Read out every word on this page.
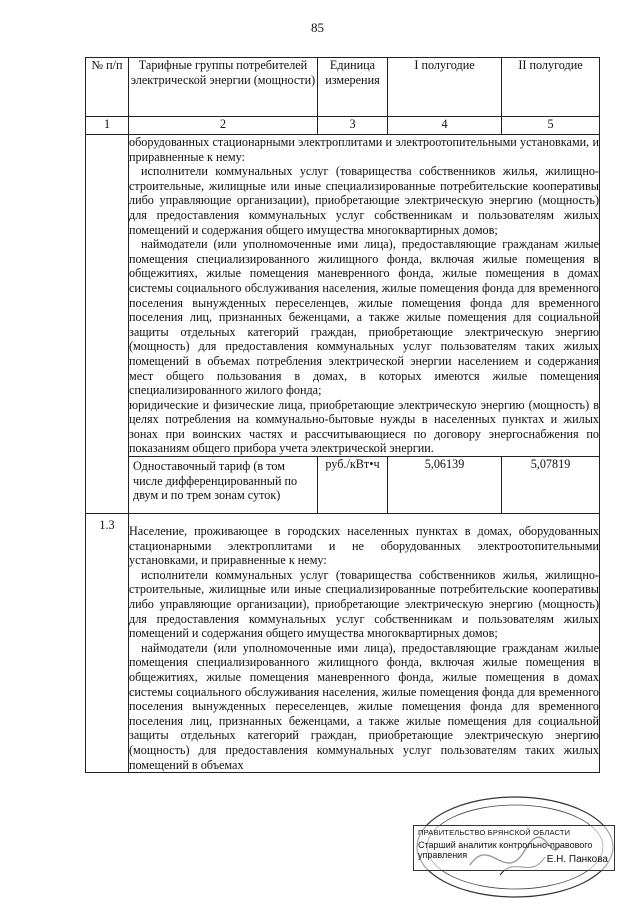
85
№ п/п	Тарифные группы потребителей электрической энергии (мощности)	Единица измерения	I полугодие	II полугодие
1	2	3	4	5

	оборудованных стационарными электроплитами и электроотопительными установками, и приравненные к нему:

исполнители коммунальных услуг (товарищества собственников жилья, жилищно-строительные, жилищные или иные специализированные потребительские кооперативы либо управляющие организации), приобретающие электрическую энергию (мощность) для предоставления коммунальных услуг собственникам и пользователям жилых помещений и содержания общего имущества многоквартирных домов;

наймодатели (или уполномоченные ими лица), предоставляющие гражданам жилые помещения специализированного жилищного фонда, включая жилые помещения в общежитиях, жилые помещения маневренного фонда, жилые помещения в домах системы социального обслуживания населения, жилые помещения фонда для временного поселения вынужденных переселенцев, жилые помещения фонда для временного поселения лиц, признанных беженцами, а также жилые помещения для социальной защиты отдельных категорий граждан, приобретающие электрическую энергию (мощность) для предоставления коммунальных услуг пользователям таких жилых помещений в объемах потребления электрической энергии населением и содержания мест общего пользования в домах, в которых имеются жилые помещения специализированного жилого фонда;

юридические и физические лица, приобретающие электрическую энергию (мощность) в целях потребления на коммунально-бытовые нужды в населенных пунктах и жилых зонах при воинских частях и рассчитывающиеся по договору энергоснабжения по показаниям общего прибора учета электрической энергии.			

	Одноставочный тариф (в том числе дифференцированный по двум и по трем зонам суток)	руб./кВт•ч	5,06139	5,07819
1.3	Население, проживающее в городских населенных пунктах в домах, оборудованных стационарными электроплитами и не оборудованных электроотопительными установками, и приравненные к нему:

исполнители коммунальных услуг (товарищества собственников жилья, жилищно-строительные, жилищные или иные специализированные потребительские кооперативы либо управляющие организации), приобретающие электрическую энергию (мощность) для предоставления коммунальных услуг собственникам и пользователям жилых помещений и содержания общего имущества многоквартирных домов;

наймодатели (или уполномоченные ими лица), предоставляющие гражданам жилые помещения специализированного жилищного фонда, включая жилые помещения в общежитиях, жилые помещения маневренного фонда, жилые помещения в домах системы социального обслуживания населения, жилые помещения фонда для временного поселения вынужденных переселенцев, жилые помещения фонда для временного поселения лиц, признанных беженцами, а также жилые помещения для социальной защиты отдельных категорий граждан, приобретающие электрическую энергию (мощность) для предоставления коммунальных услуг пользователям таких жилых помещений в объемах			

ПРАВИТЕЛЬСТВО БРЯНСКОЙ ОБЛАСТИ
Старший аналитик контрольно-правового управления	Е.Н. Панкова
